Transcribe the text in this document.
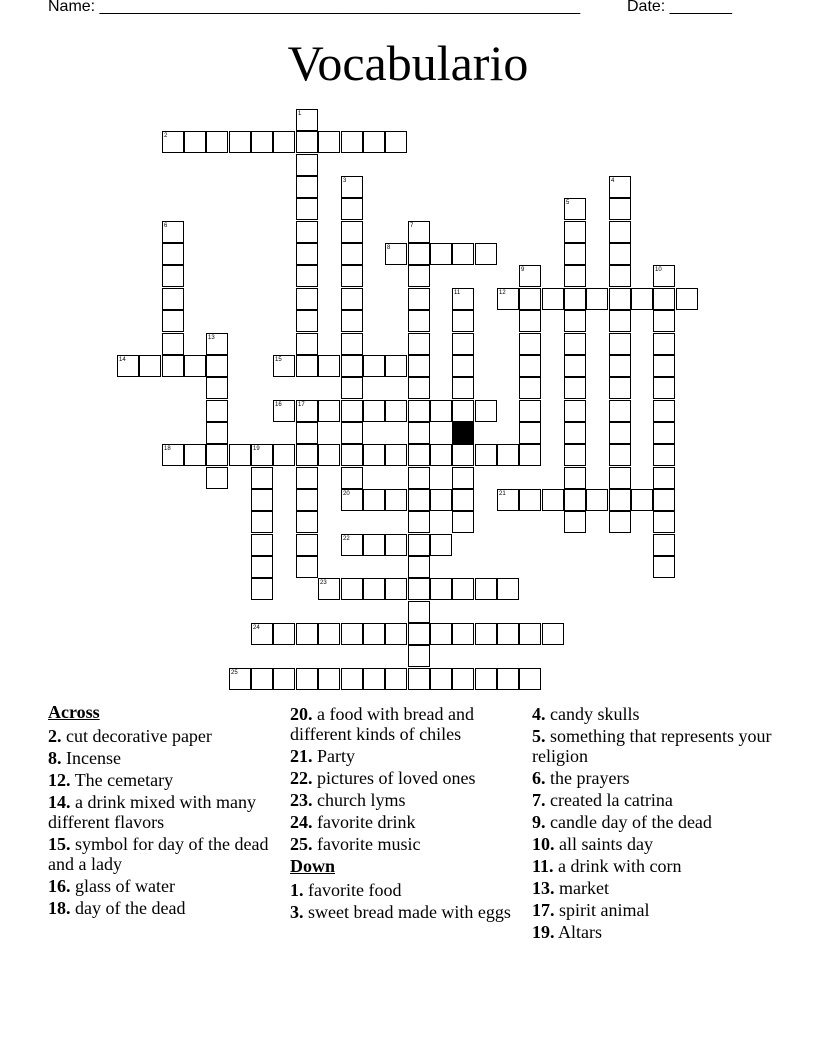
Name: ______________________________________________________	Date: _______
Vocabulario
1
2
3	4
5
6	7
8
9	10
11	12
13
14	15
16	17
18	19
20	21
22
23
24
25
Across
2. cut decorative paper
8. Incense
12. The cemetary
14. a drink mixed with many different flavors
15. symbol for day of the dead and a lady
16. glass of water
18. day of the dead
20. a food with bread and different kinds of chiles
21. Party
22. pictures of loved ones
23. church lyms
24. favorite drink
25. favorite music
Down
1. favorite food
3. sweet bread made with eggs
4. candy skulls
5. something that represents your religion
6. the prayers
7. created la catrina
9. candle day of the dead
10. all saints day
11. a drink with corn
13. market
17. spirit animal
19. Altars
